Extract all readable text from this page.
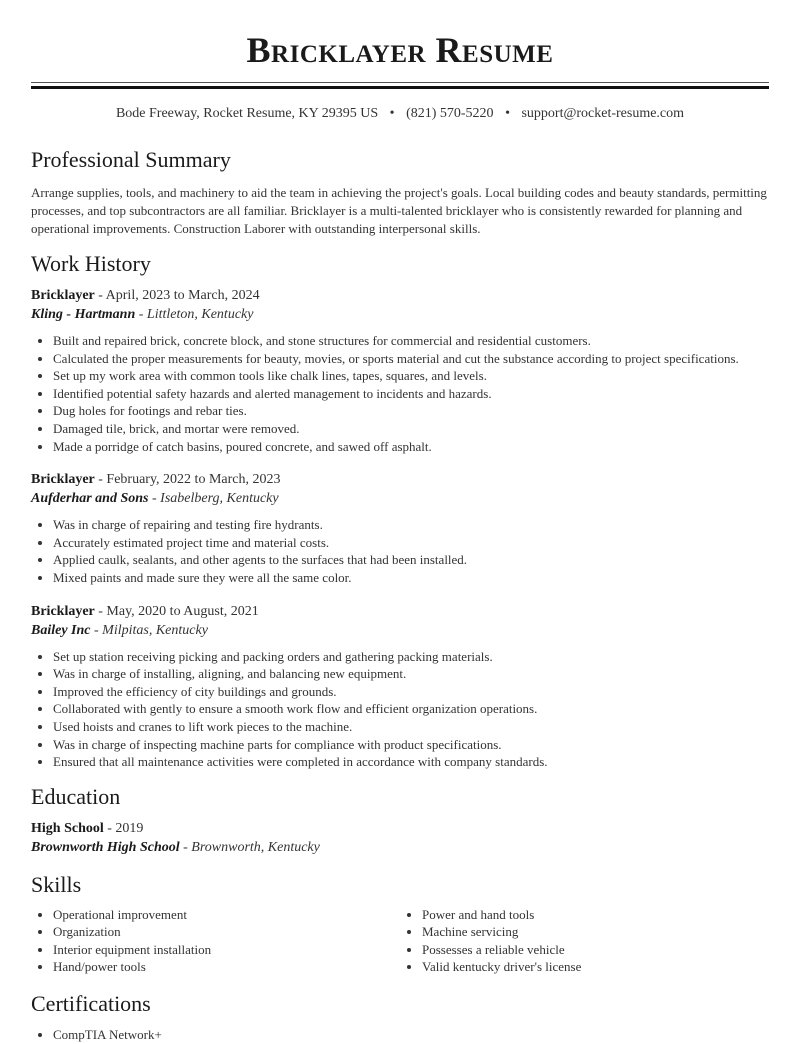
Bricklayer Resume
Bode Freeway, Rocket Resume, KY 29395 US • (821) 570-5220 • support@rocket-resume.com
Professional Summary
Arrange supplies, tools, and machinery to aid the team in achieving the project's goals. Local building codes and beauty standards, permitting processes, and top subcontractors are all familiar. Bricklayer is a multi-talented bricklayer who is consistently rewarded for planning and operational improvements. Construction Laborer with outstanding interpersonal skills.
Work History
Bricklayer - April, 2023 to March, 2024
Kling - Hartmann - Littleton, Kentucky
• Built and repaired brick, concrete block, and stone structures for commercial and residential customers.
• Calculated the proper measurements for beauty, movies, or sports material and cut the substance according to project specifications.
• Set up my work area with common tools like chalk lines, tapes, squares, and levels.
• Identified potential safety hazards and alerted management to incidents and hazards.
• Dug holes for footings and rebar ties.
• Damaged tile, brick, and mortar were removed.
• Made a porridge of catch basins, poured concrete, and sawed off asphalt.
Bricklayer - February, 2022 to March, 2023
Aufderhar and Sons - Isabelberg, Kentucky
• Was in charge of repairing and testing fire hydrants.
• Accurately estimated project time and material costs.
• Applied caulk, sealants, and other agents to the surfaces that had been installed.
• Mixed paints and made sure they were all the same color.
Bricklayer - May, 2020 to August, 2021
Bailey Inc - Milpitas, Kentucky
• Set up station receiving picking and packing orders and gathering packing materials.
• Was in charge of installing, aligning, and balancing new equipment.
• Improved the efficiency of city buildings and grounds.
• Collaborated with gently to ensure a smooth work flow and efficient organization operations.
• Used hoists and cranes to lift work pieces to the machine.
• Was in charge of inspecting machine parts for compliance with product specifications.
• Ensured that all maintenance activities were completed in accordance with company standards.
Education
High School - 2019
Brownworth High School - Brownworth, Kentucky
Skills
• Operational improvement
• Organization
• Interior equipment installation
• Hand/power tools
• Power and hand tools
• Machine servicing
• Possesses a reliable vehicle
• Valid kentucky driver's license
Certifications
• CompTIA Network+
